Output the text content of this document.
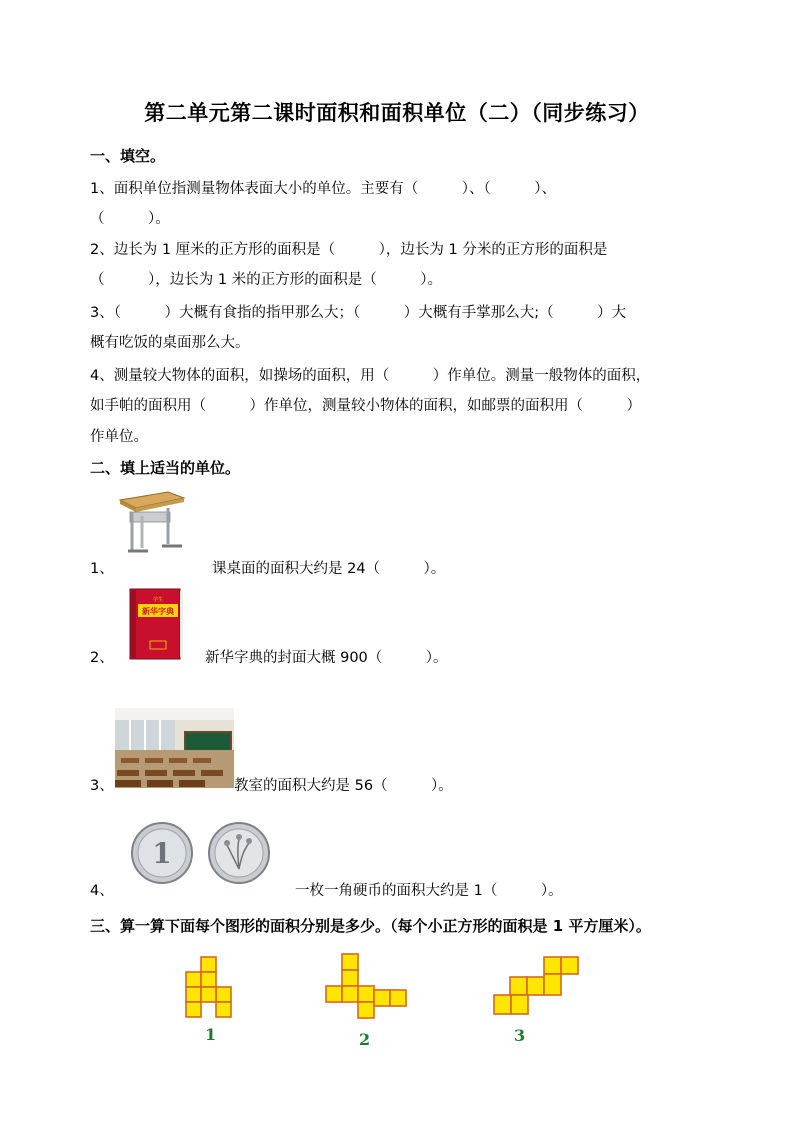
第二单元第二课时面积和面积单位（二）（同步练习）
一、填空。
1、面积单位指测量物体表面大小的单位。主要有（　　　）、（　　　）、
（　　　）。
2、边长为 1 厘米的正方形的面积是（　　　），边长为 1 分米的正方形的面积是
（　　　），边长为 1 米的正方形的面积是（　　　）。
3、（　　　）大概有食指的指甲那么大；（　　　）大概有手掌那么大;（　　　）大
概有吃饭的桌面那么大。
4、测量较大物体的面积，如操场的面积，用（　　　）作单位。测量一般物体的面积，
如手帕的面积用（　　　）作单位，测量较小物体的面积，如邮票的面积用（　　　）
作单位。
二、填上适当的单位。
1、	课桌面的面积大约是 24（　　　）。
学生
新华字典
2、	新华字典的封面大概 900（　　　）。
3、	教室的面积大约是 56（　　　）。
1
4、	一枚一角硬币的面积大约是 1（　　　）。
三、算一算下面每个图形的面积分别是多少。（每个小正方形的面积是 1 平方厘米）。
1	2	3
